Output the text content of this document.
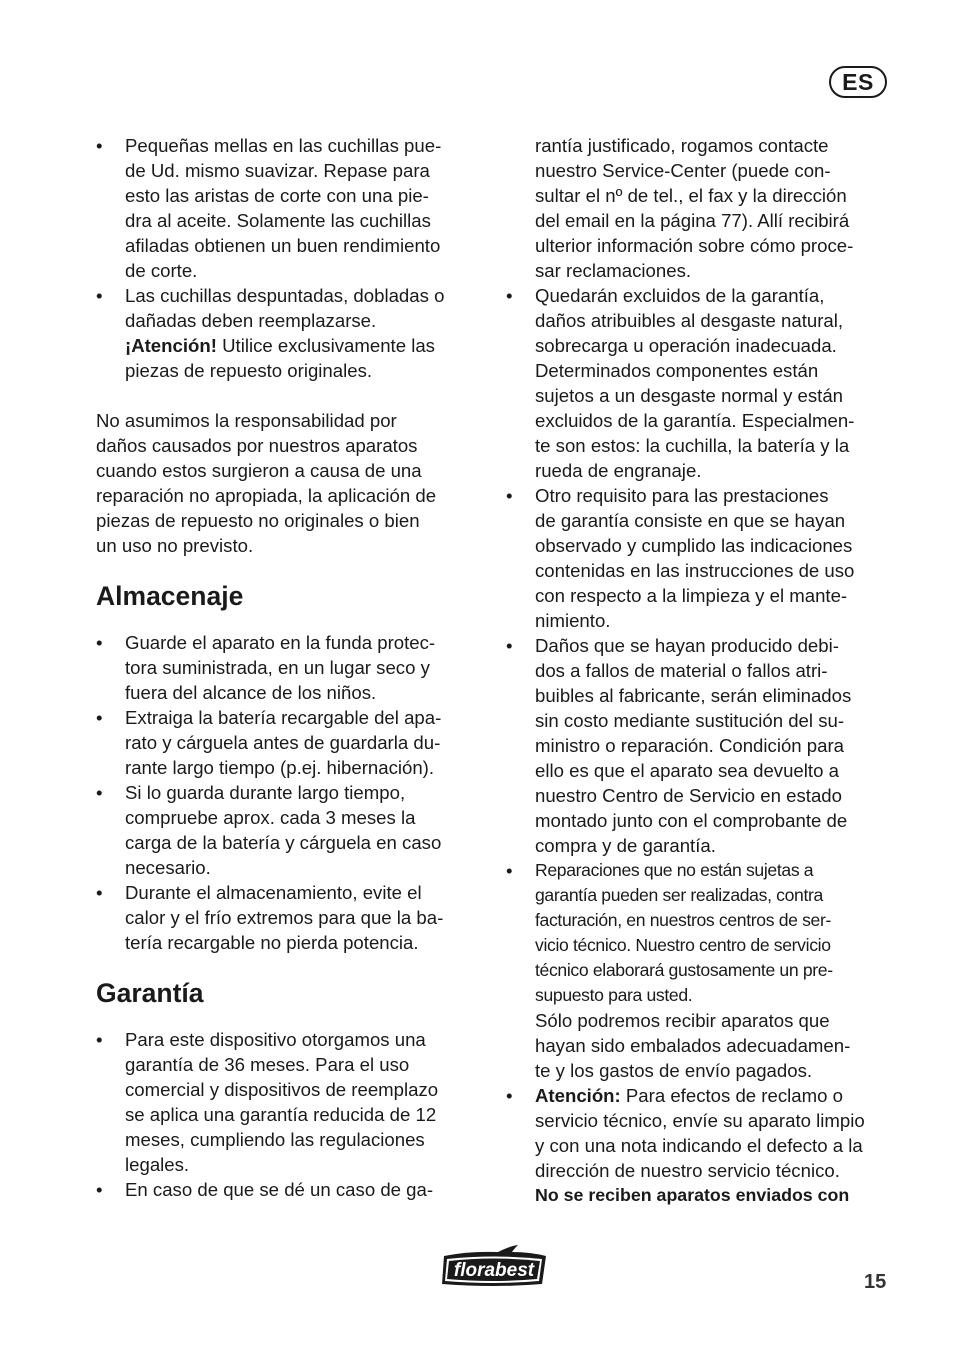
ES
• Pequeñas mellas en las cuchillas pue-
de Ud. mismo suavizar. Repase para
esto las aristas de corte con una pie-
dra al aceite. Solamente las cuchillas
afiladas obtienen un buen rendimiento
de corte.
• Las cuchillas despuntadas, dobladas o
dañadas deben reemplazarse.
¡Atención! Utilice exclusivamente las
piezas de repuesto originales.
No asumimos la responsabilidad por
daños causados por nuestros aparatos
cuando estos surgieron a causa de una
reparación no apropiada, la aplicación de
piezas de repuesto no originales o bien
un uso no previsto.
Almacenaje
• Guarde el aparato en la funda protec-
tora suministrada, en un lugar seco y
fuera del alcance de los niños.
• Extraiga la batería recargable del apa-
rato y cárguela antes de guardarla du-
rante largo tiempo (p.ej. hibernación).
• Si lo guarda durante largo tiempo,
compruebe aprox. cada 3 meses la
carga de la batería y cárguela en caso
necesario.
• Durante el almacenamiento, evite el
calor y el frío extremos para que la ba-
tería recargable no pierda potencia.
Garantía
• Para este dispositivo otorgamos una
garantía de 36 meses. Para el uso
comercial y dispositivos de reemplazo
se aplica una garantía reducida de 12
meses, cumpliendo las regulaciones
legales.
• En caso de que se dé un caso de ga-
rantía justificado, rogamos contacte
nuestro Service-Center (puede con-
sultar el nº de tel., el fax y la dirección
del email en la página 77). Allí recibirá
ulterior información sobre cómo proce-
sar reclamaciones.
• Quedarán excluidos de la garantía,
daños atribuibles al desgaste natural,
sobrecarga u operación inadecuada.
Determinados componentes están
sujetos a un desgaste normal y están
excluidos de la garantía. Especialmen-
te son estos: la cuchilla, la batería y la
rueda de engranaje.
• Otro requisito para las prestaciones
de garantía consiste en que se hayan
observado y cumplido las indicaciones
contenidas en las instrucciones de uso
con respecto a la limpieza y el mante-
nimiento.
• Daños que se hayan producido debi-
dos a fallos de material o fallos atri-
buibles al fabricante, serán eliminados
sin costo mediante sustitución del su-
ministro o reparación. Condición para
ello es que el aparato sea devuelto a
nuestro Centro de Servicio en estado
montado junto con el comprobante de
compra y de garantía.
• Reparaciones que no están sujetas a
garantía pueden ser realizadas, contra
facturación, en nuestros centros de ser-
vicio técnico. Nuestro centro de servicio
técnico elaborará gustosamente un pre-
supuesto para usted.
Sólo podremos recibir aparatos que
hayan sido embalados adecuadamen-
te y los gastos de envío pagados.
• Atención: Para efectos de reclamo o
servicio técnico, envíe su aparato limpio
y con una nota indicando el defecto a la
dirección de nuestro servicio técnico.
No se reciben aparatos enviados con
florabest
15
